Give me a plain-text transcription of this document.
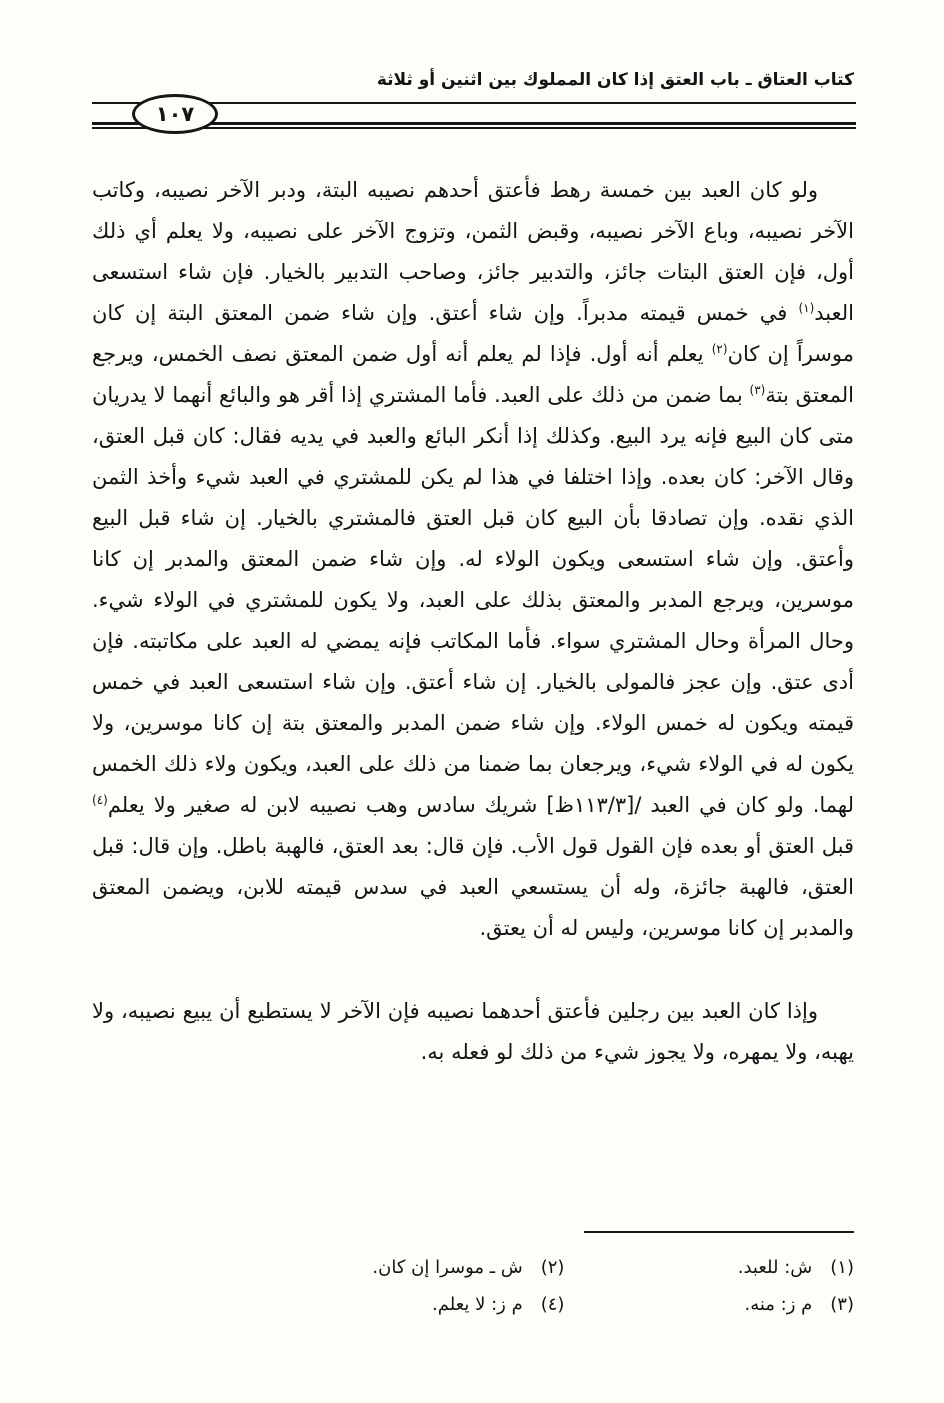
كتاب العتاق ـ باب العتق إذا كان المملوك بين اثنين أو ثلاثة
١٠٧

ولو كان العبد بين خمسة رهط فأعتق أحدهم نصيبه البتة، ودبر الآخر نصيبه، وكاتب الآخر نصيبه، وباع الآخر نصيبه، وقبض الثمن، وتزوج الآخر على نصيبه، ولا يعلم أي ذلك أول، فإن العتق البتات جائز، والتدبير جائز، وصاحب التدبير بالخيار. فإن شاء استسعى العبد$^{(١)}$ في خمس قيمته مدبراً. وإن شاء أعتق. وإن شاء ضمن المعتق البتة إن كان موسراً إن كان$^{(٢)}$ يعلم أنه أول. فإذا لم يعلم أنه أول ضمن المعتق نصف الخمس، ويرجع المعتق بتة$^{(٣)}$ بما ضمن من ذلك على العبد. فأما المشتري إذا أقر هو والبائع أنهما لا يدريان متى كان البيع فإنه يرد البيع. وكذلك إذا أنكر البائع والعبد في يديه فقال: كان قبل العتق، وقال الآخر: كان بعده. وإذا اختلفا في هذا لم يكن للمشتري في العبد شيء وأخذ الثمن الذي نقده. وإن تصادقا بأن البيع كان قبل العتق فالمشتري بالخيار. إن شاء قبل البيع وأعتق. وإن شاء استسعى ويكون الولاء له. وإن شاء ضمن المعتق والمدبر إن كانا موسرين، ويرجع المدبر والمعتق بذلك على العبد، ولا يكون للمشتري في الولاء شيء. وحال المرأة وحال المشتري سواء. فأما المكاتب فإنه يمضي له العبد على مكاتبته. فإن أدى عتق. وإن عجز فالمولى بالخيار. إن شاء أعتق. وإن شاء استسعى العبد في خمس قيمته ويكون له خمس الولاء. وإن شاء ضمن المدبر والمعتق بتة إن كانا موسرين، ولا يكون له في الولاء شيء، ويرجعان بما ضمنا من ذلك على العبد، ويكون ولاء ذلك الخمس لهما. ولو كان في العبد /[١١٣/٣ظ] شريك سادس وهب نصيبه لابن له صغير ولا يعلم$^{(٤)}$ قبل العتق أو بعده فإن القول قول الأب. فإن قال: بعد العتق، فالهبة باطل. وإن قال: قبل العتق، فالهبة جائزة، وله أن يستسعي العبد في سدس قيمته للابن، ويضمن المعتق والمدبر إن كانا موسرين، وليس له أن يعتق.

وإذا كان العبد بين رجلين فأعتق أحدهما نصيبه فإن الآخر لا يستطيع أن يبيع نصيبه، ولا يهبه، ولا يمهره، ولا يجوز شيء من ذلك لو فعله به.

(١)ش: للعبد.
(٣)م ز: منه.
(٢)ش ـ موسرا إن كان.
(٤)م ز: لا يعلم.
